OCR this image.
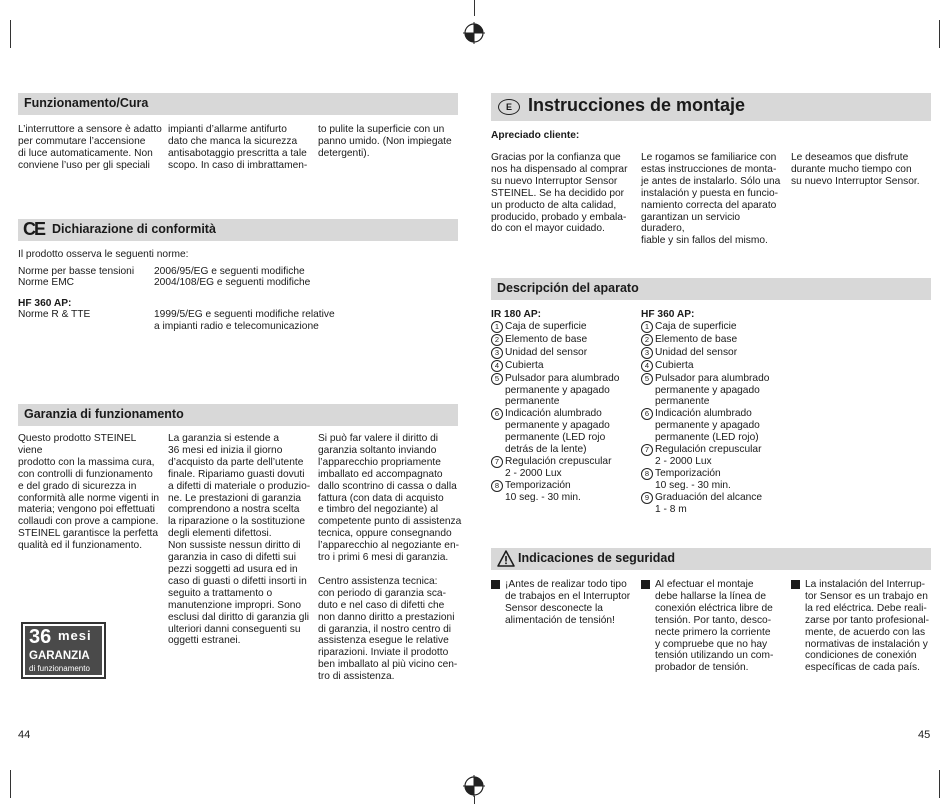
Funzionamento/Cura
L’interruttore a sensore è adatto
per commutare l’accensione
di luce automaticamente. Non
conviene l’uso per gli speciali
impianti d’allarme antifurto
dato che manca la sicurezza
antisabotaggio prescritta a tale
scopo. In caso di imbrattamen-
to pulite la superficie con un
panno umido. (Non impiegate
detergenti).
CE Dichiarazione di conformità
Il prodotto osserva le seguenti norme:
Norme per basse tensioni 2006/95/EG e seguenti modifiche
Norme EMC	2004/108/EG e seguenti modifiche
HF 360 AP:
Norme R & TTE	1999/5/EG e seguenti modifiche relative
a impianti radio e telecomunicazione
Garanzia di funzionamento
Questo prodotto STEINEL viene
prodotto con la massima cura,
con controlli di funzionamento
e del grado di sicurezza in
conformità alle norme vigenti in
materia; vengono poi effettuati
collaudi con prove a campione.
STEINEL garantisce la perfetta
qualità ed il funzionamento.
La garanzia si estende a
36 mesi ed inizia il giorno
d’acquisto da parte dell’utente
finale. Ripariamo guasti dovuti
a difetti di materiale o produzio-
ne. Le prestazioni di garanzia
comprendono a nostra scelta
la riparazione o la sostituzione
degli elementi difettosi.
Non sussiste nessun diritto di
garanzia in caso di difetti sui
pezzi soggetti ad usura ed in
caso di guasti o difetti insorti in
seguito a trattamento o
manutenzione impropri. Sono
esclusi dal diritto di garanzia gli
ulteriori danni conseguenti su
oggetti estranei.
Si può far valere il diritto di
garanzia soltanto inviando
l’apparecchio propriamente
imballato ed accompagnato
dallo scontrino di cassa o dalla
fattura (con data di acquisto
e timbro del negoziante) al
competente punto di assistenza
tecnica, oppure consegnando
l’apparecchio al negoziante en-
tro i primi 6 mesi di garanzia.

Centro assistenza tecnica:
con periodo di garanzia sca-
duto e nel caso di difetti che
non danno diritto a prestazioni
di garanzia, il nostro centro di
assistenza esegue le relative
riparazioni. Inviate il prodotto
ben imballato al più vicino cen-
tro di assistenza.
36 mesi
GARANZIA
di funzionamento
44
E Instrucciones de montaje
Apreciado cliente:
Gracias por la confianza que
nos ha dispensado al comprar
su nuevo Interruptor Sensor
STEINEL. Se ha decidido por
un producto de alta calidad,
producido, probado y embala-
do con el mayor cuidado.
Le rogamos se familiarice con
estas instrucciones de monta-
je antes de instalarlo. Sólo una
instalación y puesta en funcio-
namiento correcta del aparato
garantizan un servicio duradero,
fiable y sin fallos del mismo.
Le deseamos que disfrute
durante mucho tiempo con
su nuevo Interruptor Sensor.
Descripción del aparato
IR 180 AP:
1 Caja de superficie
2 Elemento de base
3 Unidad del sensor
4 Cubierta
5 Pulsador para alumbrado
permanente y apagado
permanente
6 Indicación alumbrado
permanente y apagado
permanente (LED rojo
detrás de la lente)
7 Regulación crepuscular
2 - 2000 Lux
8 Temporización
10 seg. - 30 min.
HF 360 AP:
1 Caja de superficie
2 Elemento de base
3 Unidad del sensor
4 Cubierta
5 Pulsador para alumbrado
permanente y apagado
permanente
6 Indicación alumbrado
permanente y apagado
permanente (LED rojo)
7 Regulación crepuscular
2 - 2000 Lux
8 Temporización
10 seg. - 30 min.
9 Graduación del alcance
1 - 8 m
Indicaciones de seguridad
¡Antes de realizar todo tipo
de trabajos en el Interruptor
Sensor desconecte la
alimentación de tensión!
Al efectuar el montaje
debe hallarse la línea de
conexión eléctrica libre de
tensión. Por tanto, desco-
necte primero la corriente
y compruebe que no hay
tensión utilizando un com-
probador de tensión.
La instalación del Interrup-
tor Sensor es un trabajo en
la red eléctrica. Debe reali-
zarse por tanto profesional-
mente, de acuerdo con las
normativas de instalación y
condiciones de conexión
específicas de cada país.
45
